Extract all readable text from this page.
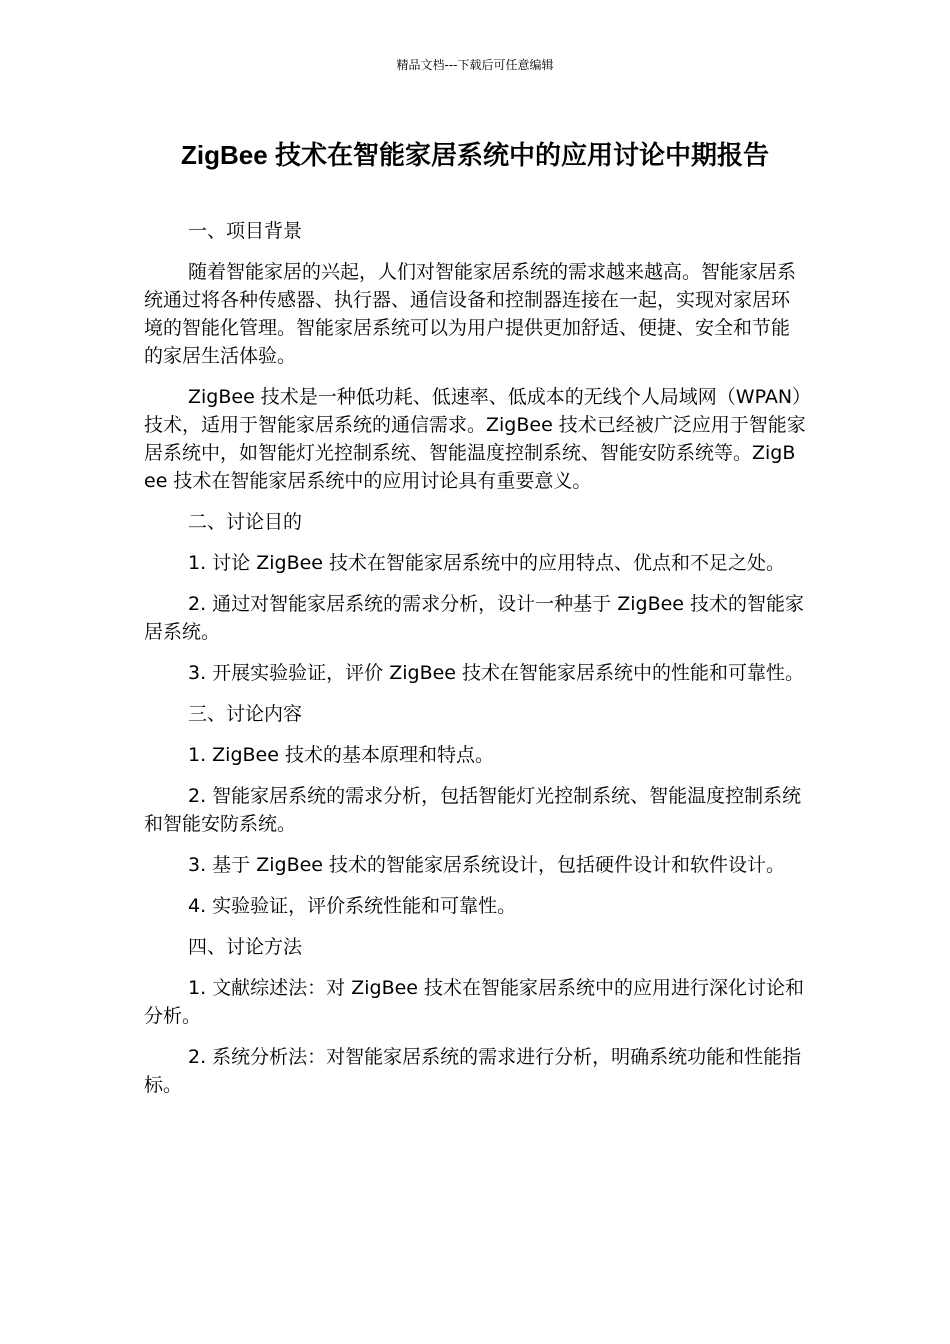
精品文档---下载后可任意编辑
ZigBee 技术在智能家居系统中的应用讨论中期报告

一、项目背景

随着智能家居的兴起，人们对智能家居系统的需求越来越高。智能家居系统通过将各种传感器、执行器、通信设备和控制器连接在一起，实现对家居环境的智能化管理。智能家居系统可以为用户提供更加舒适、便捷、安全和节能的家居生活体验。

ZigBee 技术是一种低功耗、低速率、低成本的无线个人局域网（WPAN）技术，适用于智能家居系统的通信需求。ZigBee 技术已经被广泛应用于智能家居系统中，如智能灯光控制系统、智能温度控制系统、智能安防系统等。ZigBee 技术在智能家居系统中的应用讨论具有重要意义。

二、讨论目的

1. 讨论 ZigBee 技术在智能家居系统中的应用特点、优点和不足之处。

2. 通过对智能家居系统的需求分析，设计一种基于 ZigBee 技术的智能家居系统。

3. 开展实验验证，评价 ZigBee 技术在智能家居系统中的性能和可靠性。

三、讨论内容

1. ZigBee 技术的基本原理和特点。

2. 智能家居系统的需求分析，包括智能灯光控制系统、智能温度控制系统和智能安防系统。

3. 基于 ZigBee 技术的智能家居系统设计，包括硬件设计和软件设计。

4. 实验验证，评价系统性能和可靠性。

四、讨论方法

1. 文献综述法：对 ZigBee 技术在智能家居系统中的应用进行深化讨论和分析。

2. 系统分析法：对智能家居系统的需求进行分析，明确系统功能和性能指标。
